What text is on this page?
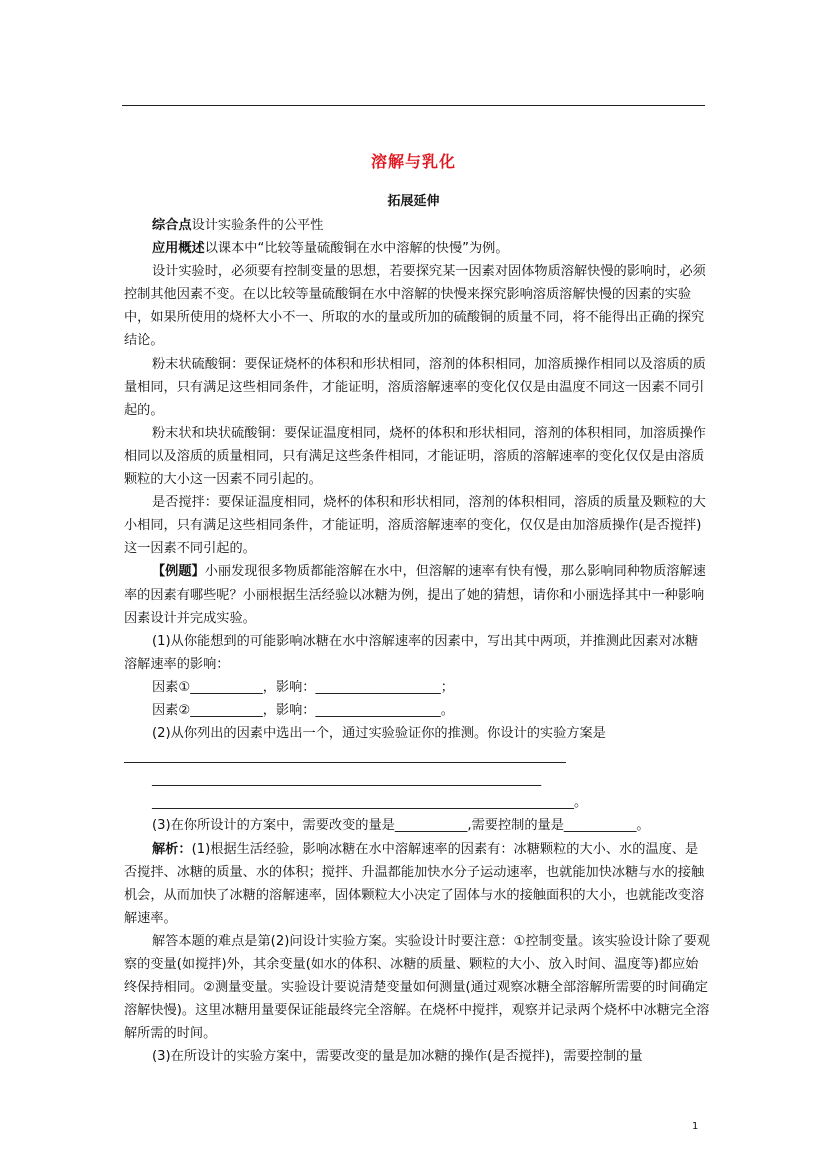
溶解与乳化
拓展延伸

综合点设计实验条件的公平性

应用概述以课本中“比较等量硫酸铜在水中溶解的快慢”为例。

设计实验时，必须要有控制变量的思想，若要探究某一因素对固体物质溶解快慢的影响时，必须控制其他因素不变。在以比较等量硫酸铜在水中溶解的快慢来探究影响溶质溶解快慢的因素的实验中，如果所使用的烧杯大小不一、所取的水的量或所加的硫酸铜的质量不同，将不能得出正确的探究结论。

粉末状硫酸铜：要保证烧杯的体积和形状相同，溶剂的体积相同，加溶质操作相同以及溶质的质量相同，只有满足这些相同条件，才能证明，溶质溶解速率的变化仅仅是由温度不同这一因素不同引起的。

粉末状和块状硫酸铜：要保证温度相同，烧杯的体积和形状相同，溶剂的体积相同，加溶质操作相同以及溶质的质量相同，只有满足这些条件相同，才能证明，溶质的溶解速率的变化仅仅是由溶质颗粒的大小这一因素不同引起的。

是否搅拌：要保证温度相同，烧杯的体积和形状相同，溶剂的体积相同，溶质的质量及颗粒的大小相同，只有满足这些相同条件，才能证明，溶质溶解速率的变化，仅仅是由加溶质操作(是否搅拌)这一因素不同引起的。

【例题】小丽发现很多物质都能溶解在水中，但溶解的速率有快有慢，那么影响同种物质溶解速率的因素有哪些呢？小丽根据生活经验以冰糖为例，提出了她的猜想，请你和小丽选择其中一种影响因素设计并完成实验。

(1)从你能想到的可能影响冰糖在水中溶解速率的因素中，写出其中两项，并推测此因素对冰糖溶解速率的影响：

因素①___________，影响：___________________；

因素②___________，影响：___________________。

(2)从你列出的因素中选出一个，通过实验验证你的推测。你设计的实验方案是

___________________________________________________________________
___________________________________________________________
________________________________________________________________。

(3)在你所设计的方案中，需要改变的量是___________,需要控制的量是___________。

解析：(1)根据生活经验，影响冰糖在水中溶解速率的因素有：冰糖颗粒的大小、水的温度、是否搅拌、冰糖的质量、水的体积；搅拌、升温都能加快水分子运动速率，也就能加快冰糖与水的接触机会，从而加快了冰糖的溶解速率，固体颗粒大小决定了固体与水的接触面积的大小，也就能改变溶解速率。

解答本题的难点是第(2)问设计实验方案。实验设计时要注意：①控制变量。该实验设计除了要观察的变量(如搅拌)外，其余变量(如水的体积、冰糖的质量、颗粒的大小、放入时间、温度等)都应始终保持相同。②测量变量。实验设计要说清楚变量如何测量(通过观察冰糖全部溶解所需要的时间确定溶解快慢)。这里冰糖用量要保证能最终完全溶解。在烧杯中搅拌，观察并记录两个烧杯中冰糖完全溶解所需的时间。

(3)在所设计的实验方案中，需要改变的量是加冰糖的操作(是否搅拌)，需要控制的量

1
